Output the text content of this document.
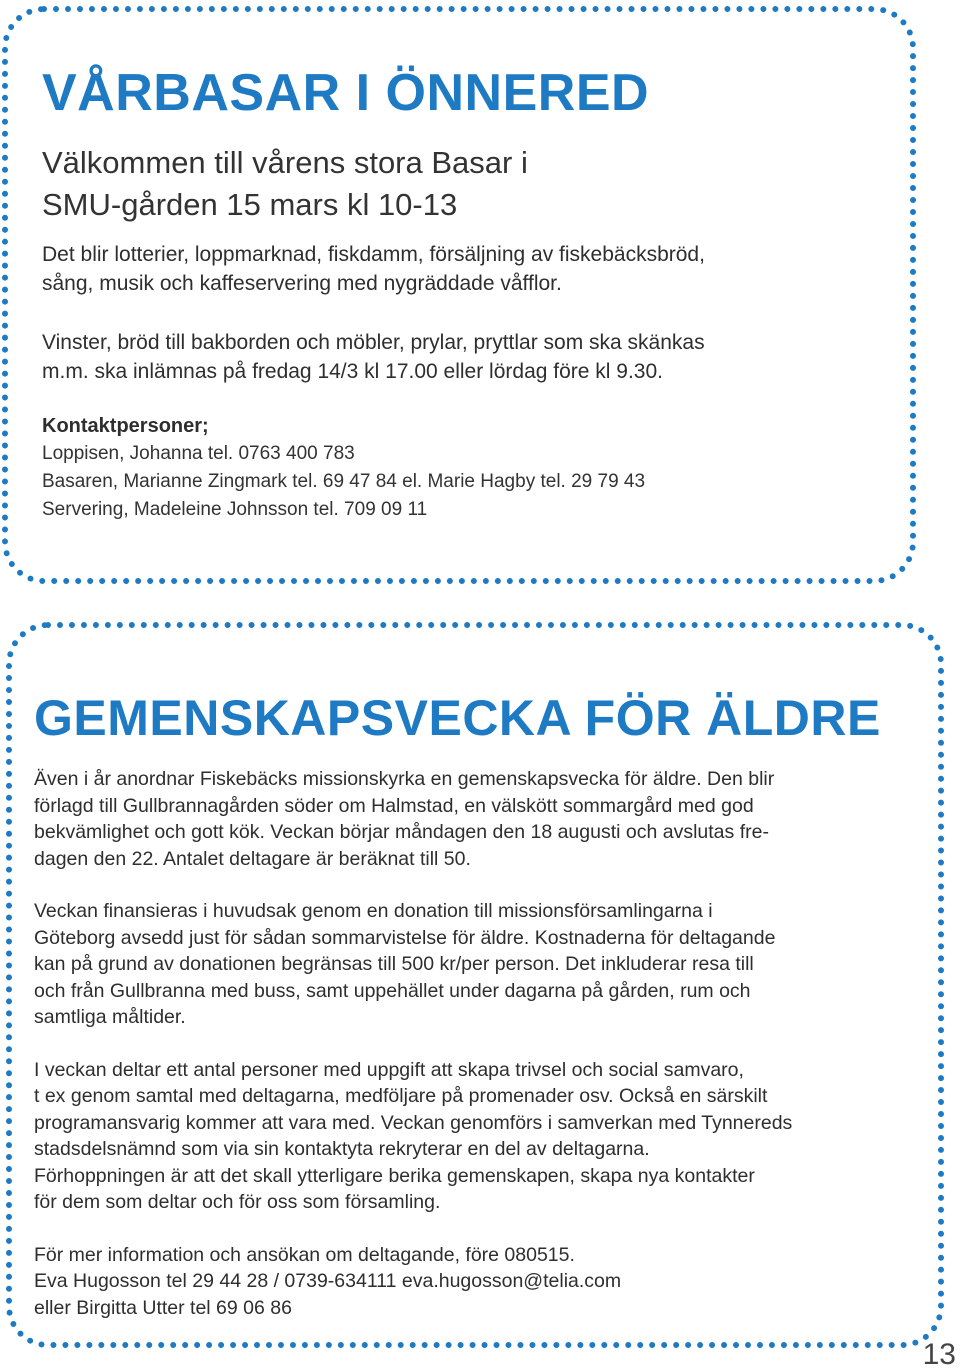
VÅRBASAR I ÖNNERED

Välkommen till vårens stora Basar i
SMU-gården 15 mars kl 10-13

Det blir lotterier, loppmarknad, fiskdamm, försäljning av fiskebäcksbröd,
sång, musik och kaffeservering med nygräddade våfflor.

Vinster, bröd till bakborden och möbler, prylar, pryttlar som ska skänkas
m.m. ska inlämnas på fredag 14/3 kl 17.00 eller lördag före kl 9.30.

Kontaktpersoner;

Loppisen, Johanna tel. 0763 400 783

Basaren, Marianne Zingmark tel. 69 47 84 el. Marie Hagby tel. 29 79 43

Servering, Madeleine Johnsson tel. 709 09 11

GEMENSKAPSVECKA FÖR ÄLDRE

Även i år anordnar Fiskebäcks missionskyrka en gemenskapsvecka för äldre. Den blir
förlagd till Gullbrannagården söder om Halmstad, en välskött sommargård med god
bekvämlighet och gott kök. Veckan börjar måndagen den 18 augusti och avslutas fre-
dagen den 22. Antalet deltagare är beräknat till 50.

Veckan finansieras i huvudsak genom en donation till missionsförsamlingarna i
Göteborg avsedd just för sådan sommarvistelse för äldre. Kostnaderna för deltagande
kan på grund av donationen begränsas till 500 kr/per person. Det inkluderar resa till
och från Gullbranna med buss, samt uppehället under dagarna på gården, rum och
samtliga måltider.

I veckan deltar ett antal personer med uppgift att skapa trivsel och social samvaro,
t ex genom samtal med deltagarna, medföljare på promenader osv. Också en särskilt
programansvarig kommer att vara med. Veckan genomförs i samverkan med Tynnereds
stadsdelsnämnd som via sin kontaktyta rekryterar en del av deltagarna.
Förhoppningen är att det skall ytterligare berika gemenskapen, skapa nya kontakter
för dem som deltar och för oss som församling.

För mer information och ansökan om deltagande, före 080515.
Eva Hugosson tel 29 44 28 / 0739-634111 eva.hugosson@telia.com
eller Birgitta Utter tel 69 06 86

13
